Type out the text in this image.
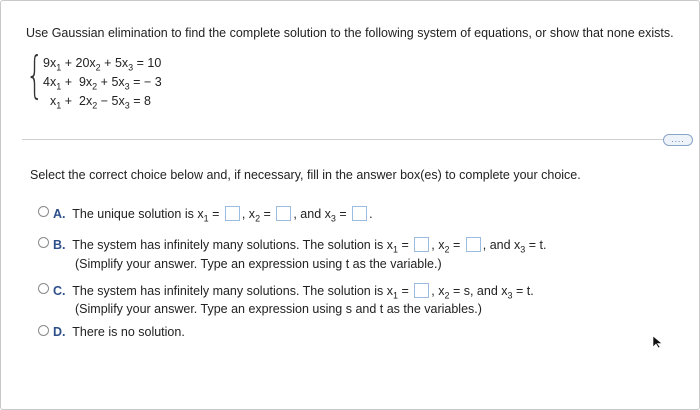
Use Gaussian elimination to find the complete solution to the following system of equations, or show that none exists.
{ $9x_1 + 20x_2 + 5x_3 = 10$
$4x_1 + 9x_2 + 5x_3$ = − 3
$x_1 + 2x_2 - 5x_3 = 8$
....
Select the correct choice below and, if necessary, fill in the answer box(es) to complete your choice.
A. The unique solution is $x_1$ = , $x_2$ = , and $x_3$ = .
B. The system has infinitely many solutions. The solution is $x_1$ = , $x_2$ = , and $x_3 = t$.
(Simplify your answer. Type an expression using t as the variable.)
C. The system has infinitely many solutions. The solution is $x_1$ = , $x_2 = s$, and $x_3 = t$.
(Simplify your answer. Type an expression using s and t as the variables.)
D. There is no solution.
